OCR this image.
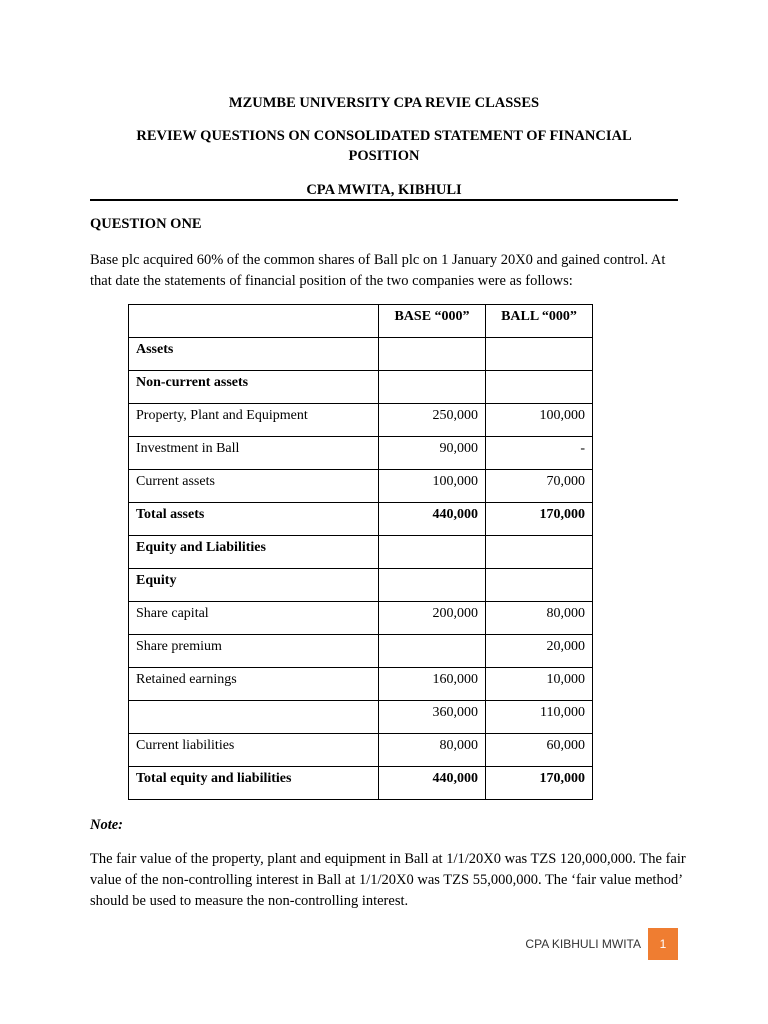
MZUMBE UNIVERSITY CPA REVIE CLASSES
REVIEW QUESTIONS ON CONSOLIDATED STATEMENT OF FINANCIAL
POSITION
CPA MWITA, KIBHULI
QUESTION ONE
Base plc acquired 60% of the common shares of Ball plc on 1 January 20X0 and gained control. At that date the statements of financial position of the two companies were as follows:
	BASE “000”	BALL “000”
Assets		
Non-current assets		
Property, Plant and Equipment	250,000	100,000
Investment in Ball	90,000	-
Current assets	100,000	70,000
Total assets	440,000	170,000
Equity and Liabilities		
Equity		
Share capital	200,000	80,000
Share premium		20,000
Retained earnings	160,000	10,000
	360,000	110,000
Current liabilities	80,000	60,000
Total equity and liabilities	440,000	170,000
Note:
The fair value of the property, plant and equipment in Ball at 1/1/20X0 was TZS 120,000,000. The fair value of the non-controlling interest in Ball at 1/1/20X0 was TZS 55,000,000. The ‘fair value method’ should be used to measure the non-controlling interest.
CPA KIBHULI MWITA	1
